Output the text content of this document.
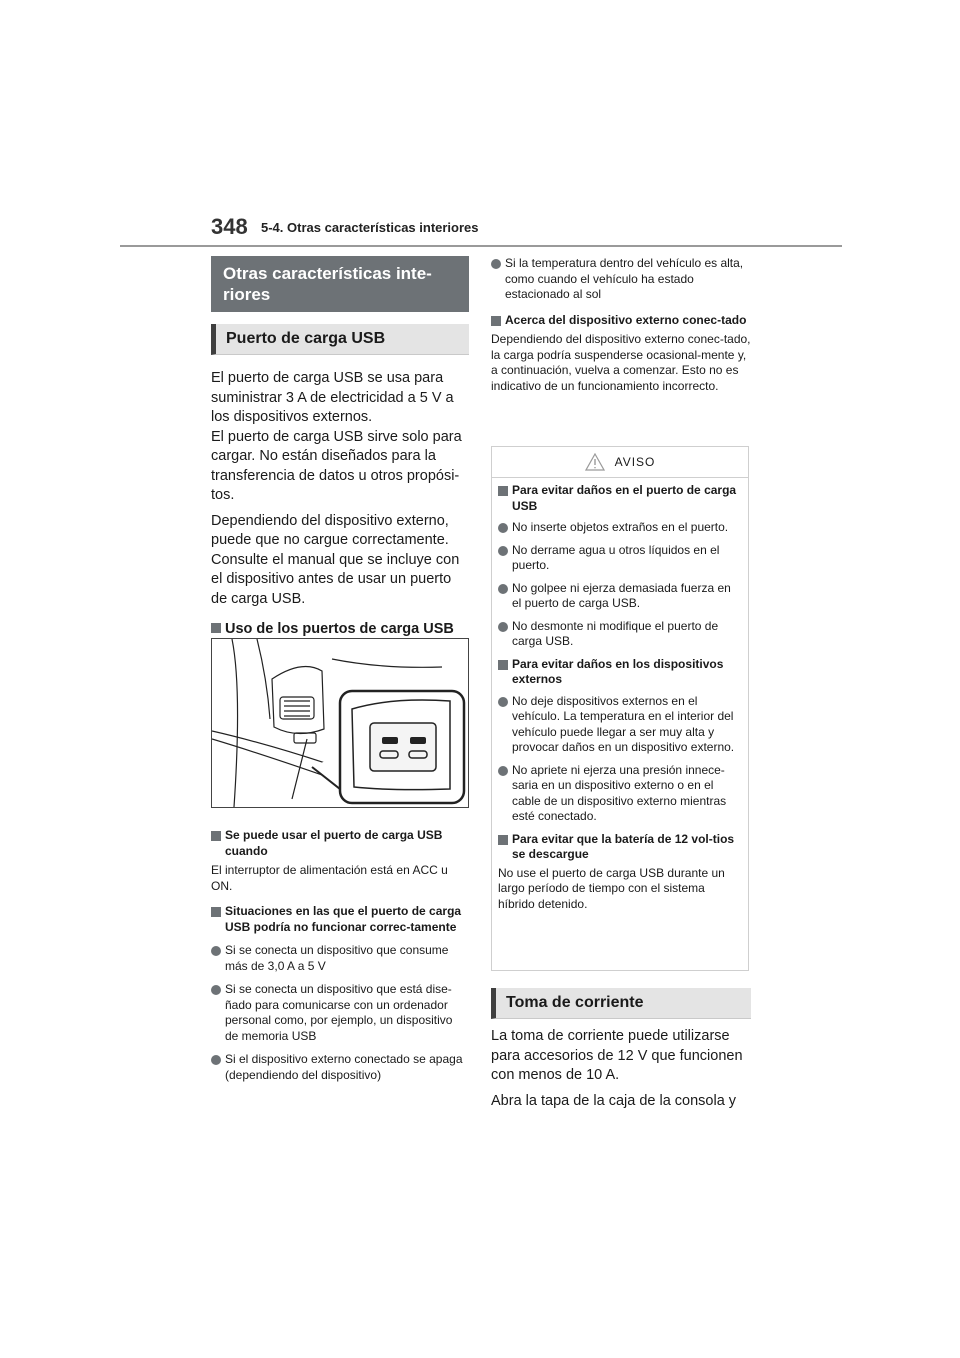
348 5-4. Otras características interiores
Otras características inte-riores
Puerto de carga USB

El puerto de carga USB se usa para suministrar 3 A de electricidad a 5 V a los dispositivos externos.

El puerto de carga USB sirve solo para cargar. No están diseñados para la transferencia de datos u otros propósi-tos.

Dependiendo del dispositivo externo, puede que no cargue correctamente. Consulte el manual que se incluye con el dispositivo antes de usar un puerto de carga USB.

Uso de los puertos de carga USB
Se puede usar el puerto de carga USB cuando

El interruptor de alimentación está en ACC u ON.

Situaciones en las que el puerto de carga USB podría no funcionar correc-tamente
Si se conecta un dispositivo que consume más de 3,0 A a 5 V
Si se conecta un dispositivo que está dise-ñado para comunicarse con un ordenador personal como, por ejemplo, un dispositivo de memoria USB
Si el dispositivo externo conectado se apaga (dependiendo del dispositivo)
Si la temperatura dentro del vehículo es alta, como cuando el vehículo ha estado estacionado al sol
Acerca del dispositivo externo conec-tado

Dependiendo del dispositivo externo conec-tado, la carga podría suspenderse ocasional-mente y, a continuación, vuelva a comenzar. Esto no es indicativo de un funcionamiento incorrecto.

AVISO
Para evitar daños en el puerto de carga USB
No inserte objetos extraños en el puerto.
No derrame agua u otros líquidos en el puerto.
No golpee ni ejerza demasiada fuerza en el puerto de carga USB.
No desmonte ni modifique el puerto de carga USB.
Para evitar daños en los dispositivos externos
No deje dispositivos externos en el vehículo. La temperatura en el interior del vehículo puede llegar a ser muy alta y provocar daños en un dispositivo externo.
No apriete ni ejerza una presión innece-saria en un dispositivo externo o en el cable de un dispositivo externo mientras esté conectado.
Para evitar que la batería de 12 vol-tios se descargue

No use el puerto de carga USB durante un largo período de tiempo con el sistema híbrido detenido.

Toma de corriente

La toma de corriente puede utilizarse para accesorios de 12 V que funcionen con menos de 10 A.

Abra la tapa de la caja de la consola y
